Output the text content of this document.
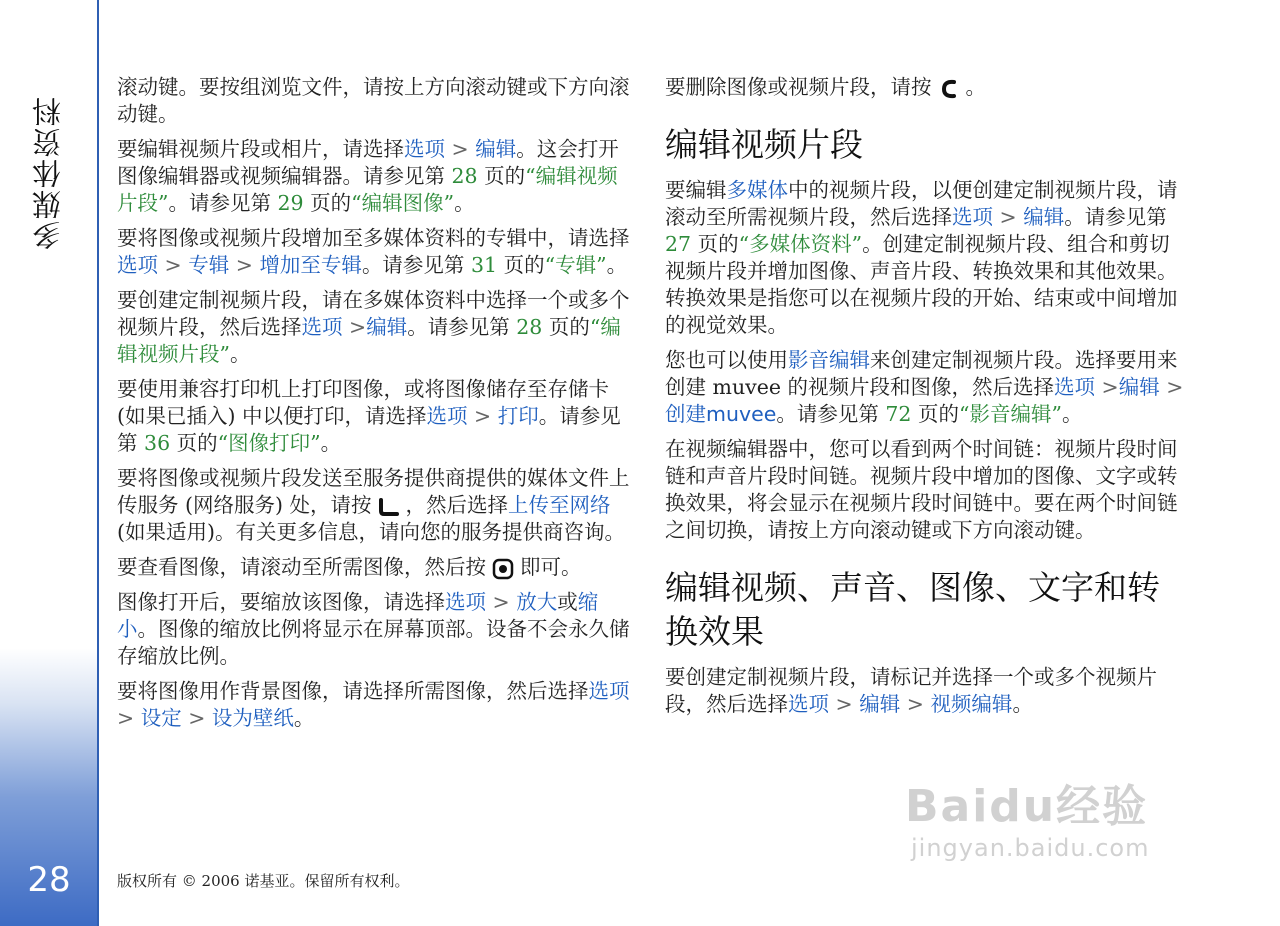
多媒体资料
28

滚动键。要按组浏览文件，请按上方向滚动键或下方向滚动键。

要编辑视频片段或相片，请选择选项 > 编辑。这会打开图像编辑器或视频编辑器。请参见第 28 页的“编辑视频片段”。请参见第 29 页的“编辑图像”。

要将图像或视频片段增加至多媒体资料的专辑中，请选择选项 > 专辑 > 增加至专辑。请参见第 31 页的“专辑”。

要创建定制视频片段，请在多媒体资料中选择一个或多个视频片段，然后选择选项 >编辑。请参见第 28 页的“编辑视频片段”。

要使用兼容打印机上打印图像，或将图像储存至存储卡 (如果已插入) 中以便打印，请选择选项 > 打印。请参见第 36 页的“图像打印”。

要将图像或视频片段发送至服务提供商提供的媒体文件上传服务 (网络服务) 处，请按 ，然后选择上传至网络 (如果适用)。有关更多信息，请向您的服务提供商咨询。

要查看图像，请滚动至所需图像，然后按 即可。

图像打开后，要缩放该图像，请选择选项 > 放大或缩小。图像的缩放比例将显示在屏幕顶部。设备不会永久储存缩放比例。

要将图像用作背景图像，请选择所需图像，然后选择选项 > 设定 > 设为壁纸。

要删除图像或视频片段，请按 。

编辑视频片段

要编辑多媒体中的视频片段，以便创建定制视频片段，请滚动至所需视频片段，然后选择选项 > 编辑。请参见第 27 页的“多媒体资料”。创建定制视频片段、组合和剪切视频片段并增加图像、声音片段、转换效果和其他效果。转换效果是指您可以在视频片段的开始、结束或中间增加的视觉效果。

您也可以使用影音编辑来创建定制视频片段。选择要用来创建 muvee 的视频片段和图像，然后选择选项 >编辑 >创建muvee。请参见第 72 页的“影音编辑”。

在视频编辑器中，您可以看到两个时间链：视频片段时间链和声音片段时间链。视频片段中增加的图像、文字或转换效果，将会显示在视频片段时间链中。要在两个时间链之间切换，请按上方向滚动键或下方向滚动键。

编辑视频、声音、图像、文字和转换效果

要创建定制视频片段，请标记并选择一个或多个视频片段，然后选择选项 > 编辑 > 视频编辑。

版权所有 © 2006 诺基亚。保留所有权利。
Baidu经验
jingyan.baidu.com
